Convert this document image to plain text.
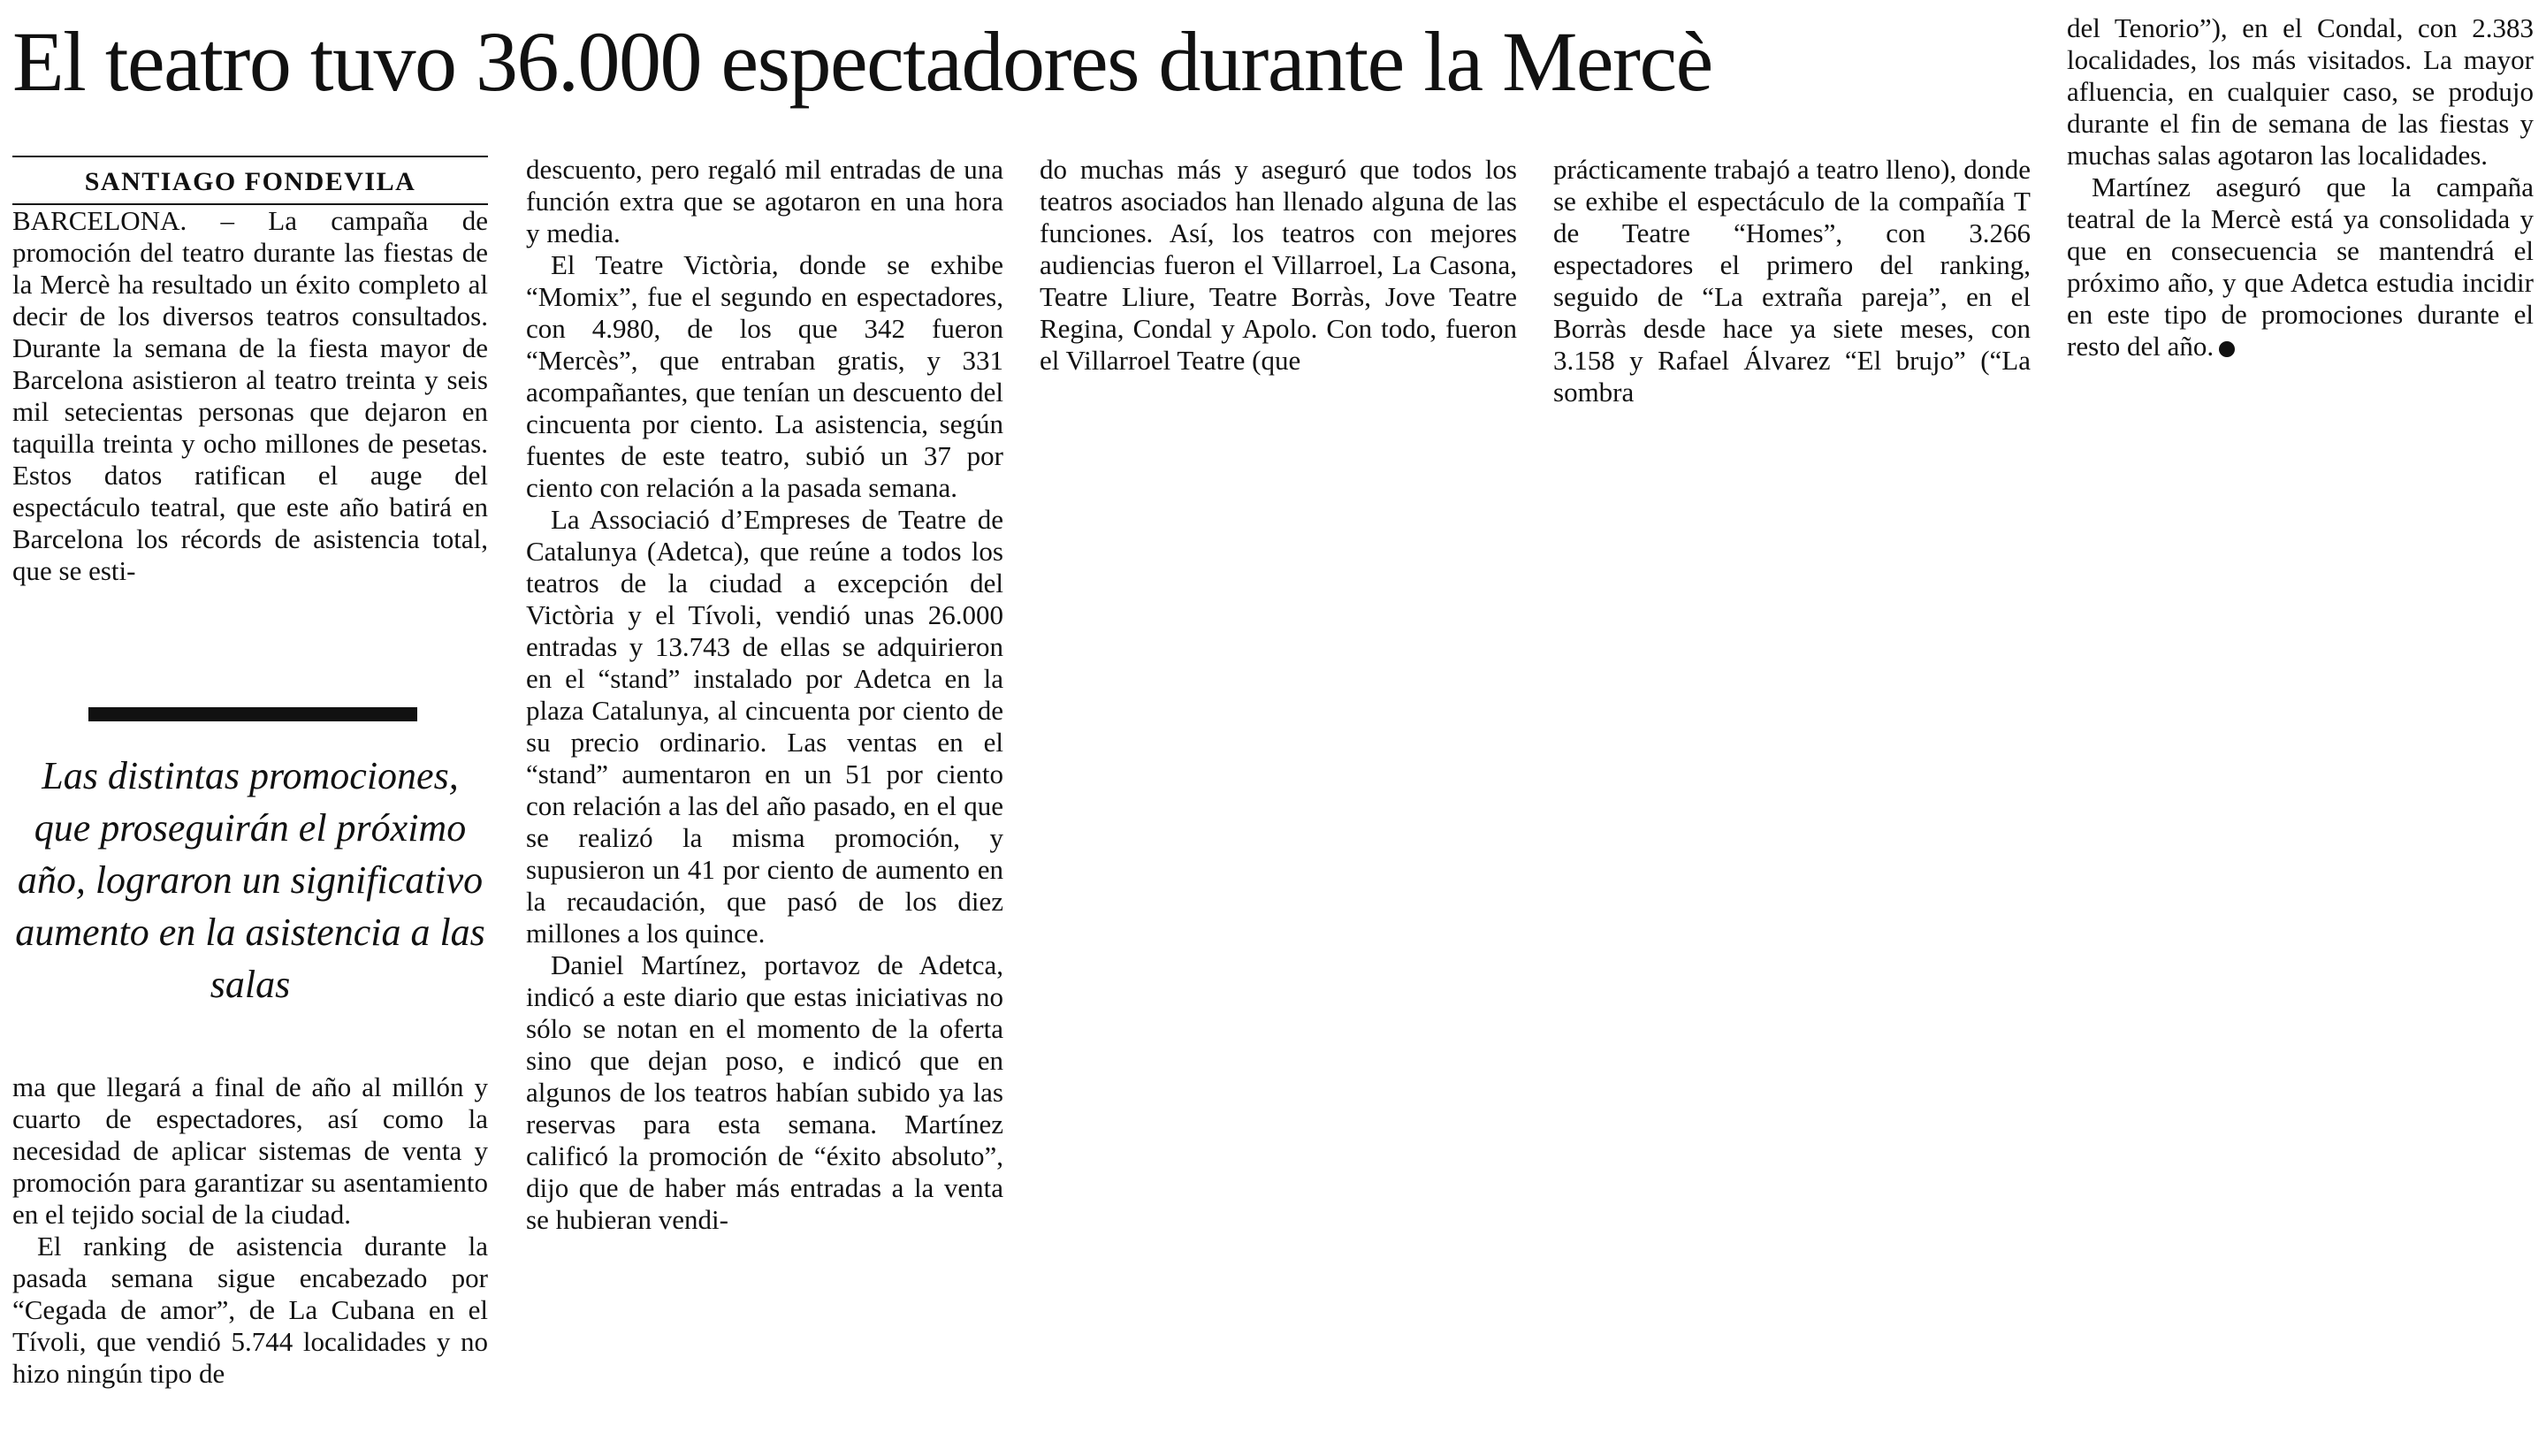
El teatro tuvo 36.000 espectadores durante la Mercè
SANTIAGO FONDEVILA

BARCELONA. – La campaña de promoción del teatro durante las fiestas de la Mercè ha resultado un éxito completo al decir de los diversos teatros consultados. Durante la semana de la fiesta mayor de Barcelona asistieron al teatro treinta y seis mil setecientas personas que dejaron en taquilla treinta y ocho millones de pesetas. Estos datos ratifican el auge del espectáculo teatral, que este año batirá en Barcelona los récords de asistencia total, que se esti-

Las distintas promociones, que proseguirán el próximo año, lograron un significativo aumento en la asistencia a las salas

ma que llegará a final de año al millón y cuarto de espectadores, así como la necesidad de aplicar sistemas de venta y promoción para garantizar su asentamiento en el tejido social de la ciudad.

El ranking de asistencia durante la pasada semana sigue encabezado por “Cegada de amor”, de La Cubana en el Tívoli, que vendió 5.744 localidades y no hizo ningún tipo de

descuento, pero regaló mil entradas de una función extra que se agotaron en una hora y media.

El Teatre Victòria, donde se exhibe “Momix”, fue el segundo en espectadores, con 4.980, de los que 342 fueron “Mercès”, que entraban gratis, y 331 acompañantes, que tenían un descuento del cincuenta por ciento. La asistencia, según fuentes de este teatro, subió un 37 por ciento con relación a la pasada semana.

La Associació d’Empreses de Teatre de Catalunya (Adetca), que reúne a todos los teatros de la ciudad a excepción del Victòria y el Tívoli, vendió unas 26.000 entradas y 13.743 de ellas se adquirieron en el “stand” instalado por Adetca en la plaza Catalunya, al cincuenta por ciento de su precio ordinario. Las ventas en el “stand” aumentaron en un 51 por ciento con relación a las del año pasado, en el que se realizó la misma promoción, y supusieron un 41 por ciento de aumento en la recaudación, que pasó de los diez millones a los quince.

Daniel Martínez, portavoz de Adetca, indicó a este diario que estas iniciativas no sólo se notan en el momento de la oferta sino que dejan poso, e indicó que en algunos de los teatros habían subido ya las reservas para esta semana. Martínez calificó la promoción de “éxito absoluto”, dijo que de haber más entradas a la venta se hubieran vendi-

do muchas más y aseguró que todos los teatros asociados han llenado alguna de las funciones. Así, los teatros con mejores audiencias fueron el Villarroel, La Casona, Teatre Lliure, Teatre Borràs, Jove Teatre Regina, Condal y Apolo. Con todo, fueron el Villarroel Teatre (que

prácticamente trabajó a teatro lleno), donde se exhibe el espectáculo de la compañía T de Teatre “Homes”, con 3.266 espectadores el primero del ranking, seguido de “La extraña pareja”, en el Borràs desde hace ya siete meses, con 3.158 y Rafael Álvarez “El brujo” (“La sombra

del Tenorio”), en el Condal, con 2.383 localidades, los más visitados. La mayor afluencia, en cualquier caso, se produjo durante el fin de semana de las fiestas y muchas salas agotaron las localidades.

Martínez aseguró que la campaña teatral de la Mercè está ya consolidada y que en consecuencia se mantendrá el próximo año, y que Adetca estudia incidir en este tipo de promociones durante el resto del año.
